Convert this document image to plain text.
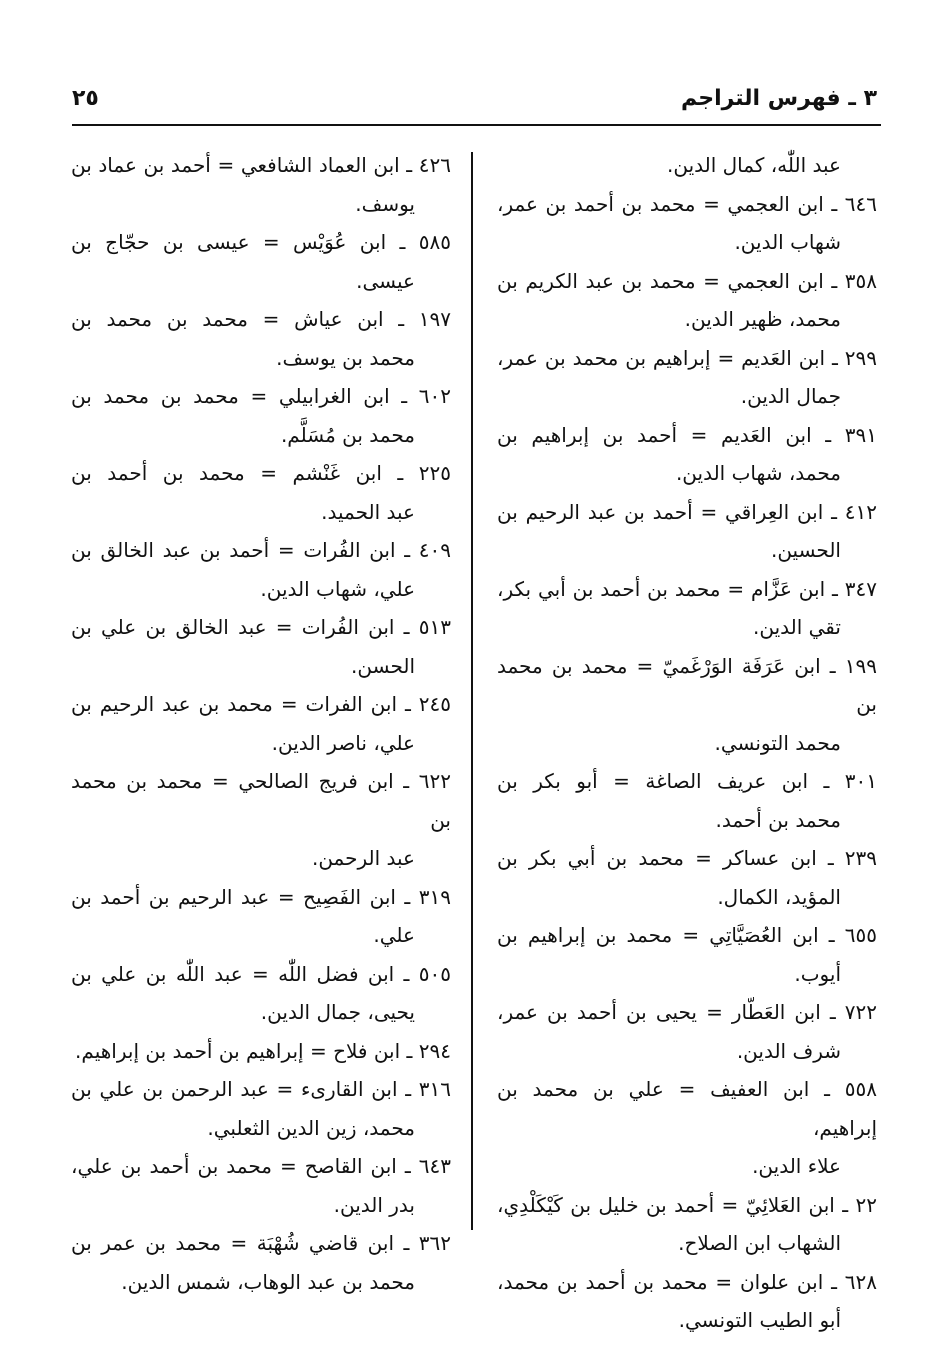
٢٥	٣ ـ فهرس التراجم
عبد اللّٰه، كمال الدين.
٦٤٦ ـ ابن العجمي = محمد بن أحمد بن عمر،
شهاب الدين.
٣٥٨ ـ ابن العجمي = محمد بن عبد الكريم بن
محمد، ظهير الدين.
٢٩٩ ـ ابن العَديم = إبراهيم بن محمد بن عمر،
جمال الدين.
٣٩١ ـ ابن العَديم = أحمد بن إبراهيم بن
محمد، شهاب الدين.
٤١٢ ـ ابن العِراقي = أحمد بن عبد الرحيم بن
الحسين.
٣٤٧ ـ ابن عَزَّام = محمد بن أحمد بن أبي بكر،
تقي الدين.
١٩٩ ـ ابن عَرَفَة الوَرْغَميّ = محمد بن محمد بن
محمد التونسي.
٣٠١ ـ ابن عريف الصاغة = أبو بكر بن
محمد بن أحمد.
٢٣٩ ـ ابن عساكر = محمد بن أبي بكر بن
المؤيد، الكمال.
٦٥٥ ـ ابن العُصَيَّاتِي = محمد بن إبراهيم بن
أيوب.
٧٢٢ ـ ابن العَطّار = يحيى بن أحمد بن عمر،
شرف الدين.
٥٥٨ ـ ابن العفيف = علي بن محمد بن إبراهيم،
علاء الدين.
٢٢ ـ ابن العَلائِيّ = أحمد بن خليل بن كَيْكَلْدِي،
الشهاب ابن الصلاح.
٦٢٨ ـ ابن علوان = محمد بن أحمد بن محمد،
أبو الطيب التونسي.
٤٢٦ ـ ابن العماد الشافعي = أحمد بن عماد بن
يوسف.
٥٨٥ ـ ابن عُوَيْس = عيسى بن حجّاج بن
عيسى.
١٩٧ ـ ابن عياش = محمد بن محمد بن
محمد بن يوسف.
٦٠٢ ـ ابن الغرابيلي = محمد بن محمد بن
محمد بن مُسَلَّم.
٢٢٥ ـ ابن غَنْشم = محمد بن أحمد بن
عبد الحميد.
٤٠٩ ـ ابن الفُرات = أحمد بن عبد الخالق بن
علي، شهاب الدين.
٥١٣ ـ ابن الفُرات = عبد الخالق بن علي بن
الحسن.
٢٤٥ ـ ابن الفرات = محمد بن عبد الرحيم بن
علي، ناصر الدين.
٦٢٢ ـ ابن فريج الصالحي = محمد بن محمد بن
عبد الرحمن.
٣١٩ ـ ابن الفَصِيح = عبد الرحيم بن أحمد بن
علي.
٥٠٥ ـ ابن فضل اللّٰه = عبد اللّٰه بن علي بن
يحيى، جمال الدين.
٢٩٤ ـ ابن فلاح = إبراهيم بن أحمد بن إبراهيم.
٣١٦ ـ ابن القارىء = عبد الرحمن بن علي بن
محمد، زين الدين الثعلبي.
٦٤٣ ـ ابن القاصح = محمد بن أحمد بن علي،
بدر الدين.
٣٦٢ ـ ابن قاضي شُهْبَة = محمد بن عمر بن
محمد بن عبد الوهاب، شمس الدين.
